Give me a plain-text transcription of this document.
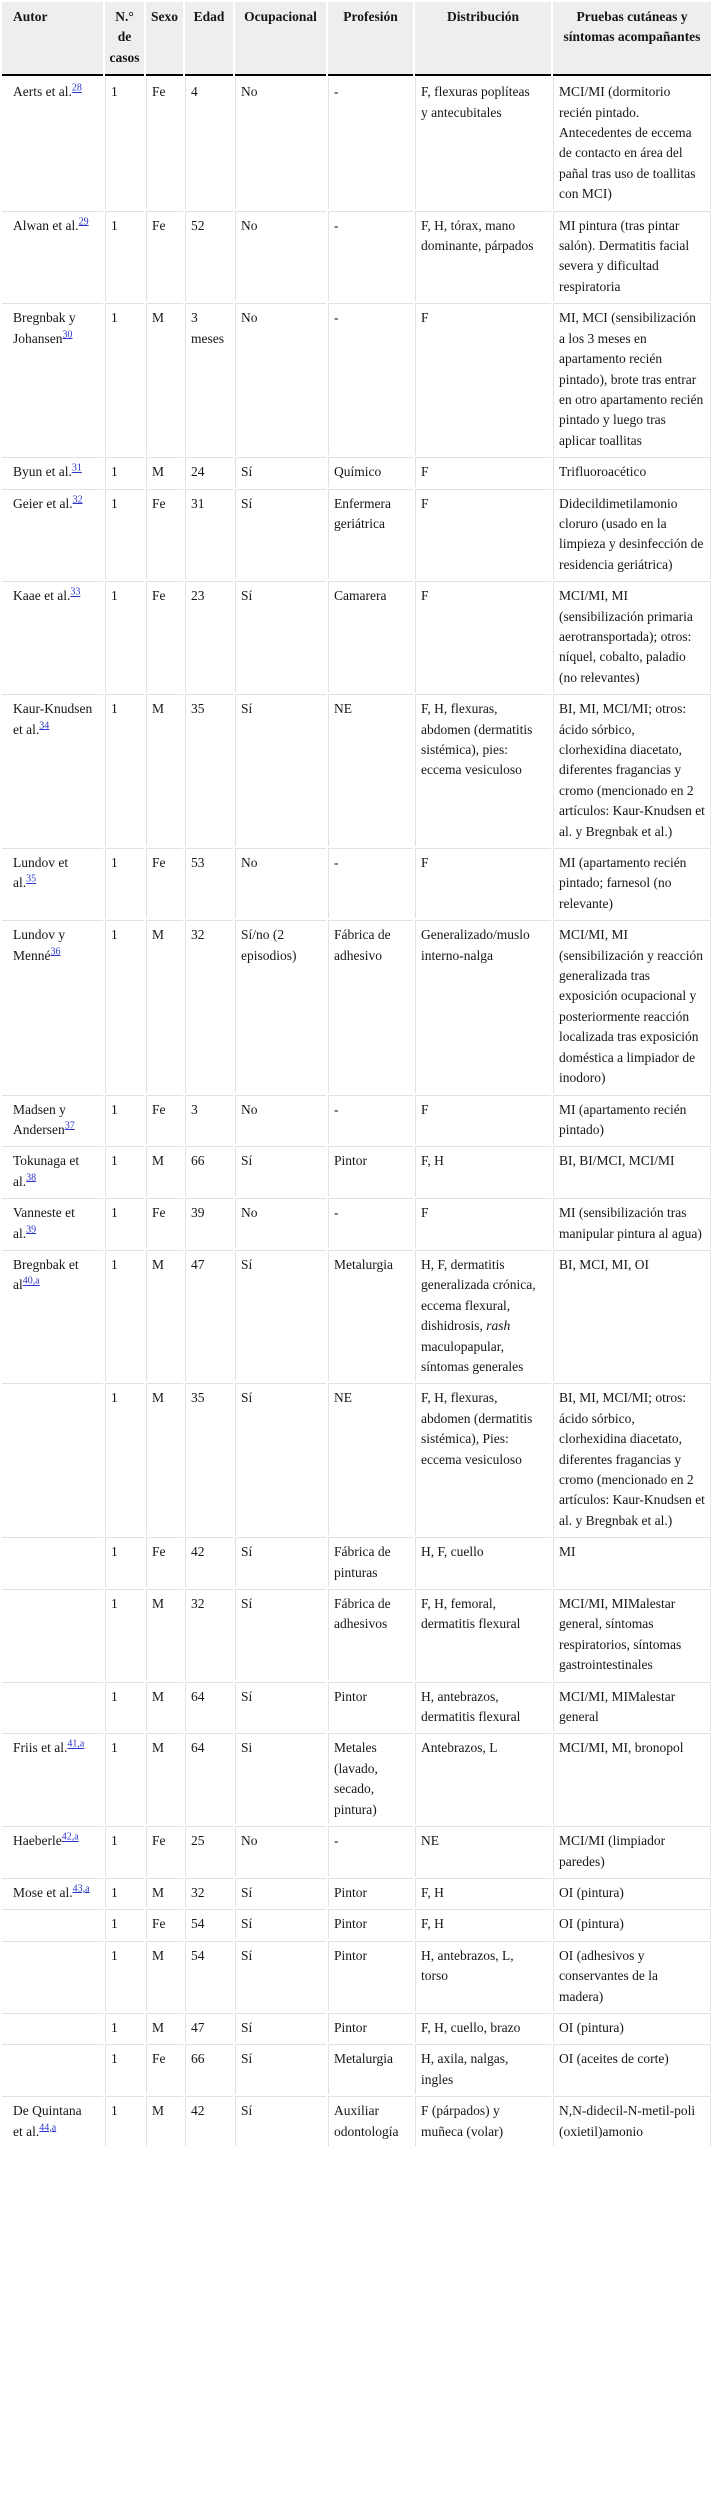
Autor	N.° de casos	Sexo	Edad	Ocupacional	Profesión	Distribución	Pruebas cutáneas y síntomas acompañantes
Aerts et al.$^{28}$	1	Fe	4	No	-	F, flexuras poplíteas y antecubitales	MCI/MI (dormitorio recién pintado. Antecedentes de eccema de contacto en área del pañal tras uso de toallitas con MCI)
Alwan et al.$^{29}$	1	Fe	52	No	-	F, H, tórax, mano dominante, párpados	MI pintura (tras pintar salón). Dermatitis facial severa y dificultad respiratoria
Bregnbak y Johansen$^{30}$	1	M	3 meses	No	-	F	MI, MCI (sensibilización a los 3 meses en apartamento recién pintado), brote tras entrar en otro apartamento recién pintado y luego tras aplicar toallitas
Byun et al.$^{31}$	1	M	24	Sí	Químico	F	Trifluoroacético
Geier et al.$^{32}$	1	Fe	31	Sí	Enfermera geriátrica	F	Didecildimetilamonio cloruro (usado en la limpieza y desinfección de residencia geriátrica)
Kaae et al.$^{33}$	1	Fe	23	Sí	Camarera	F	MCI/MI, MI (sensibilización primaria aerotransportada); otros: níquel, cobalto, paladio (no relevantes)
Kaur-Knudsen et al.$^{34}$	1	M	35	Sí	NE	F, H, flexuras, abdomen (dermatitis sistémica), pies: eccema vesiculoso	BI, MI, MCI/MI; otros: ácido sórbico, clorhexidina diacetato, diferentes fragancias y cromo (mencionado en 2 artículos: Kaur-Knudsen et al. y Bregnbak et al.)
Lundov et al.$^{35}$	1	Fe	53	No	-	F	MI (apartamento recién pintado; farnesol (no relevante)
Lundov y Menné$^{36}$	1	M	32	Sí/no (2 episodios)	Fábrica de adhesivo	Generalizado/muslo interno-nalga	MCI/MI, MI (sensibilización y reacción generalizada tras exposición ocupacional y posteriormente reacción localizada tras exposición doméstica a limpiador de inodoro)
Madsen y Andersen$^{37}$	1	Fe	3	No	-	F	MI (apartamento recién pintado)
Tokunaga et al.$^{38}$	1	M	66	Sí	Pintor	F, H	BI, BI/MCI, MCI/MI
Vanneste et al.$^{39}$	1	Fe	39	No	-	F	MI (sensibilización tras manipular pintura al agua)
Bregnbak et al$^{40,a}$	1	M	47	Sí	Metalurgia	H, F, dermatitis generalizada crónica, eccema flexural, dishidrosis, rash maculopapular, síntomas generales	BI, MCI, MI, OI
	1	M	35	Sí	NE	F, H, flexuras, abdomen (dermatitis sistémica), Pies: eccema vesiculoso	BI, MI, MCI/MI; otros: ácido sórbico, clorhexidina diacetato, diferentes fragancias y cromo (mencionado en 2 artículos: Kaur-Knudsen et al. y Bregnbak et al.)
	1	Fe	42	Sí	Fábrica de pinturas	H, F, cuello	MI
	1	M	32	Sí	Fábrica de adhesivos	F, H, femoral, dermatitis flexural	MCI/MI, MIMalestar general, síntomas respiratorios, síntomas gastrointestinales
	1	M	64	Sí	Pintor	H, antebrazos, dermatitis flexural	MCI/MI, MIMalestar general
Friis et al.$^{41,a}$	1	M	64	Si	Metales (lavado, secado, pintura)	Antebrazos, L	MCI/MI, MI, bronopol
Haeberle$^{42,a}$	1	Fe	25	No	-	NE	MCI/MI (limpiador paredes)
Mose et al.$^{43,a}$	1	M	32	Sí	Pintor	F, H	OI (pintura)
	1	Fe	54	Sí	Pintor	F, H	OI (pintura)
	1	M	54	Sí	Pintor	H, antebrazos, L, torso	OI (adhesivos y conservantes de la madera)
	1	M	47	Sí	Pintor	F, H, cuello, brazo	OI (pintura)
	1	Fe	66	Sí	Metalurgia	H, axila, nalgas, ingles	OI (aceites de corte)
De Quintana et al.$^{44,a}$	1	M	42	Sí	Auxiliar odontología	F (párpados) y muñeca (volar)	N,N-didecil-N-metil-poli (oxietil)amonio
